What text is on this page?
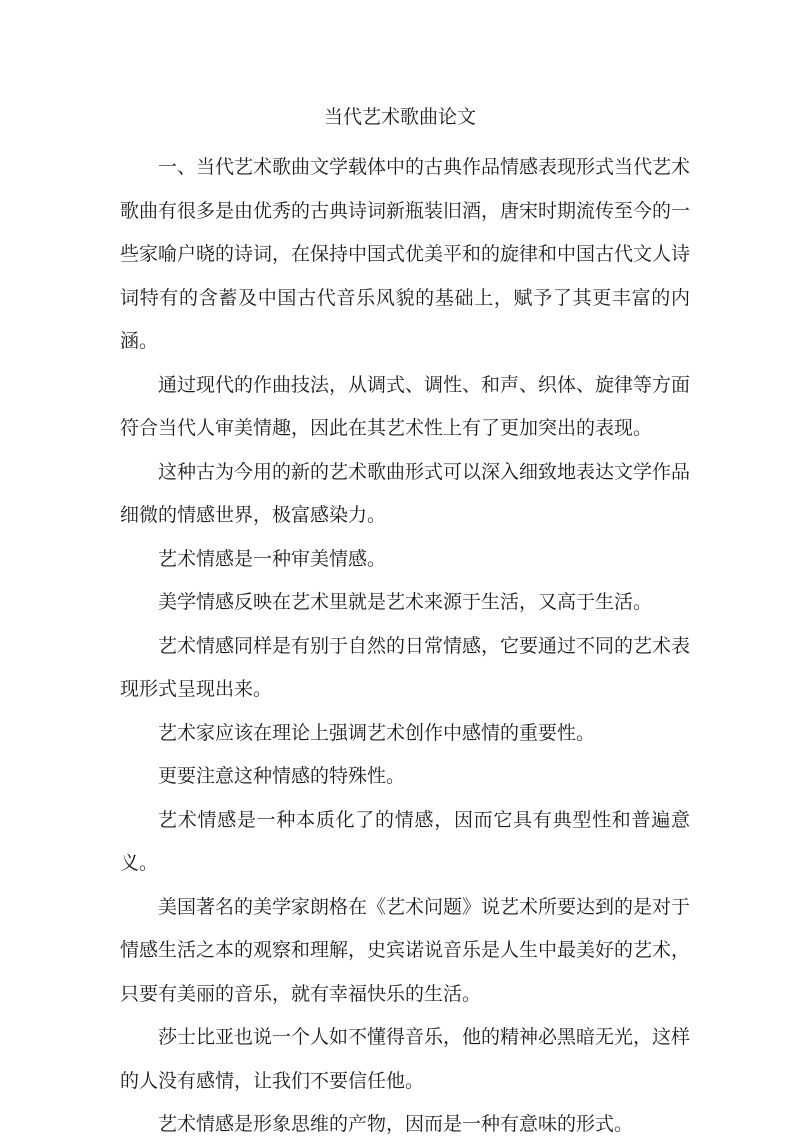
当代艺术歌曲论文

一、当代艺术歌曲文学载体中的古典作品情感表现形式当代艺术歌曲有很多是由优秀的古典诗词新瓶装旧酒，唐宋时期流传至今的一些家喻户晓的诗词，在保持中国式优美平和的旋律和中国古代文人诗词特有的含蓄及中国古代音乐风貌的基础上，赋予了其更丰富的内涵。

通过现代的作曲技法，从调式、调性、和声、织体、旋律等方面符合当代人审美情趣，因此在其艺术性上有了更加突出的表现。

这种古为今用的新的艺术歌曲形式可以深入细致地表达文学作品细微的情感世界，极富感染力。

艺术情感是一种审美情感。

美学情感反映在艺术里就是艺术来源于生活，又高于生活。

艺术情感同样是有别于自然的日常情感，它要通过不同的艺术表现形式呈现出来。

艺术家应该在理论上强调艺术创作中感情的重要性。

更要注意这种情感的特殊性。

艺术情感是一种本质化了的情感，因而它具有典型性和普遍意义。

美国著名的美学家朗格在《艺术问题》说艺术所要达到的是对于情感生活之本的观察和理解，史宾诺说音乐是人生中最美好的艺术，只要有美丽的音乐，就有幸福快乐的生活。

莎士比亚也说一个人如不懂得音乐，他的精神必黑暗无光，这样的人没有感情，让我们不要信任他。

艺术情感是形象思维的产物，因而是一种有意味的形式。
